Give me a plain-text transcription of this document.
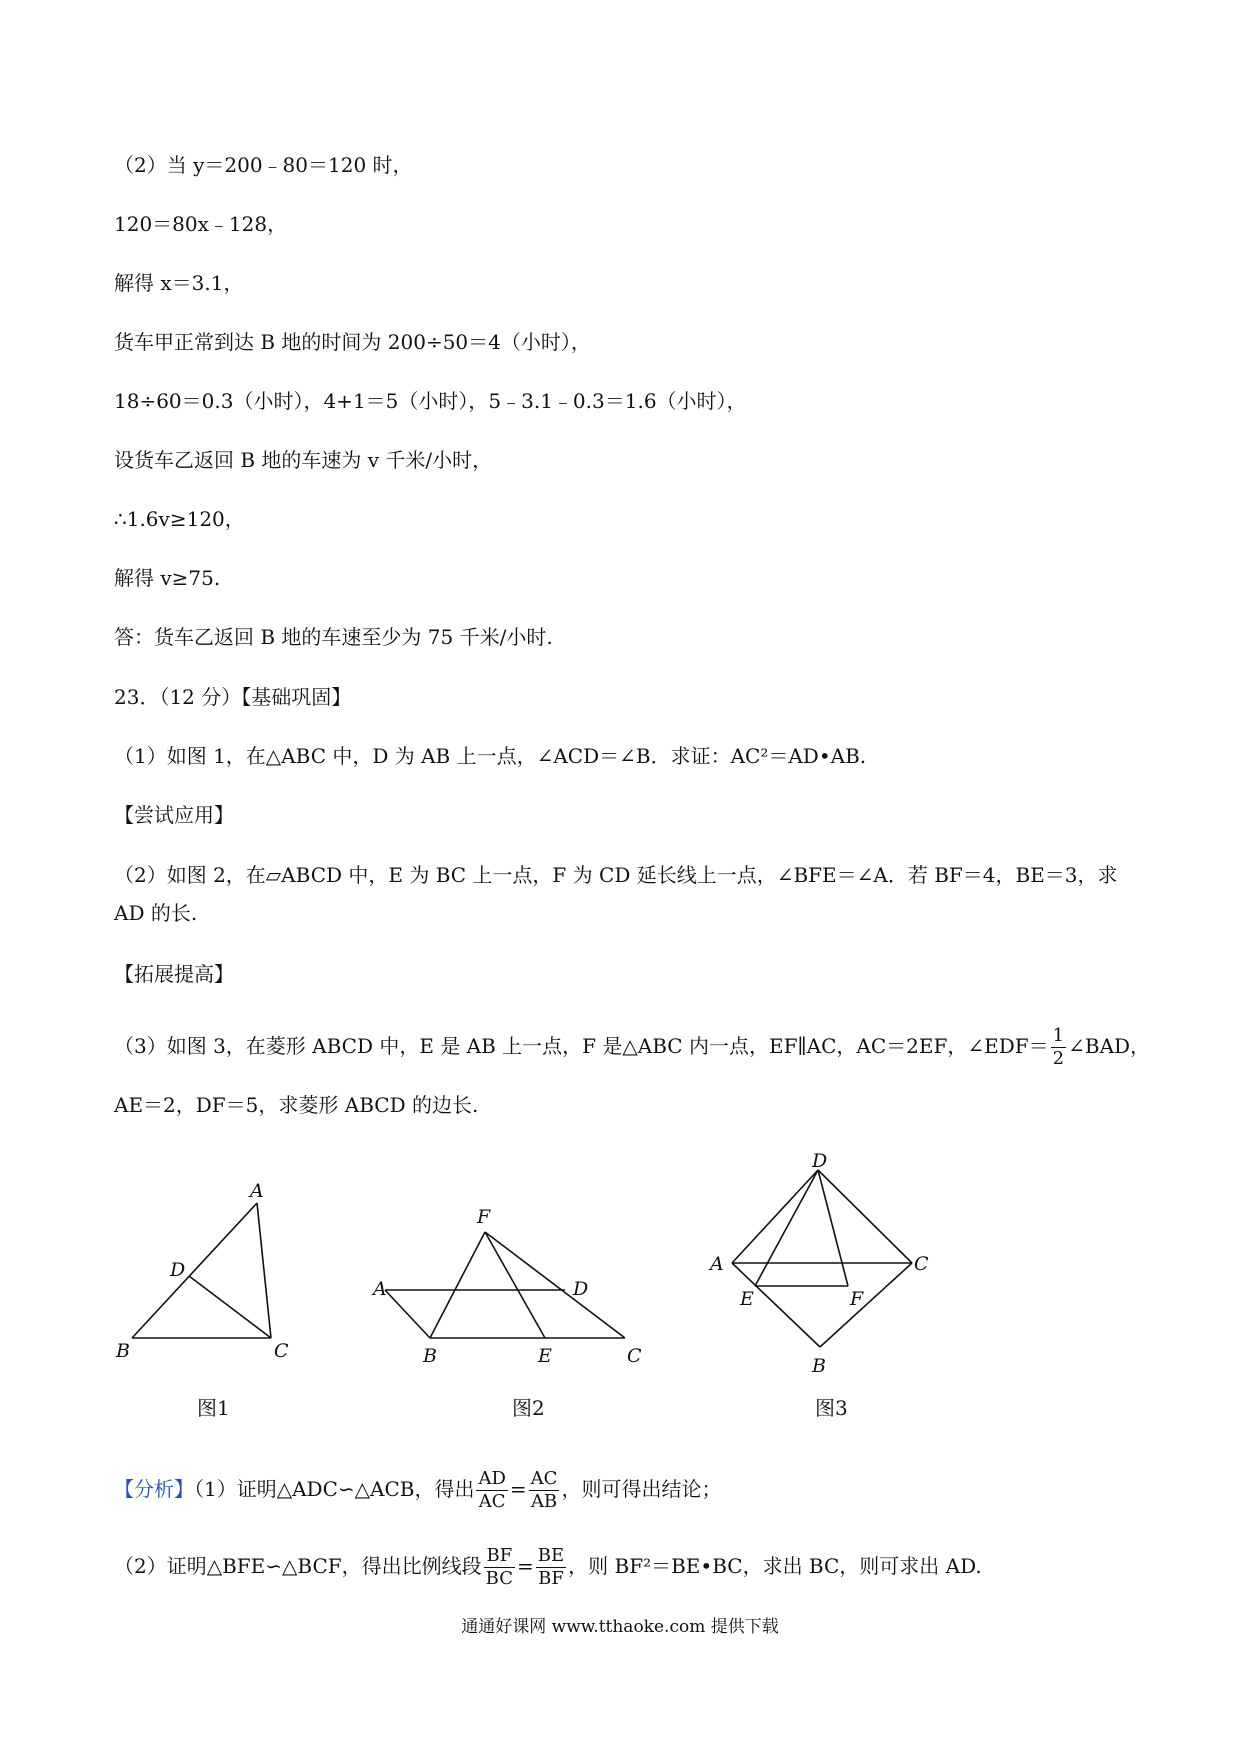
（2）当 y＝200﹣80＝120 时，
120＝80x﹣128，
解得 x＝3.1，
货车甲正常到达 B 地的时间为 200÷50＝4（小时），
18÷60＝0.3（小时），4+1＝5（小时），5﹣3.1﹣0.3＝1.6（小时），
设货车乙返回 B 地的车速为 v 千米/小时，
∴1.6v≥120，
解得 v≥75.
答：货车乙返回 B 地的车速至少为 75 千米/小时.
23．（12 分）【基础巩固】
（1）如图 1，在△ABC 中，D 为 AB 上一点，∠ACD＝∠B．求证：AC²＝AD•AB.
【尝试应用】
（2）如图 2，在▱ABCD 中，E 为 BC 上一点，F 为 CD 延长线上一点，∠BFE＝∠A．若 BF＝4，BE＝3，求 AD 的长.
【拓展提高】
（3）如图 3，在菱形 ABCD 中，E 是 AB 上一点，F 是△ABC 内一点，EF∥AC，AC＝2EF，∠EDF＝ $\frac{1}{2}$ ∠BAD，
AE＝2，DF＝5，求菱形 ABCD 的边长.
A
D
B	C
图1
F
A	D
B	E	C
图2
D
A	C
E	F
B
图3
【分析】（1）证明△ADC∽△ACB，得出 $\frac{AD}{AC} = \frac{AC}{AB}$ ，则可得出结论；
（2）证明△BFE∽△BCF，得出比例线段 $\frac{BF}{BC} = \frac{BE}{BF}$ ，则 BF²＝BE•BC，求出 BC，则可求出 AD.
通通好课网 www.tthaoke.com 提供下载
